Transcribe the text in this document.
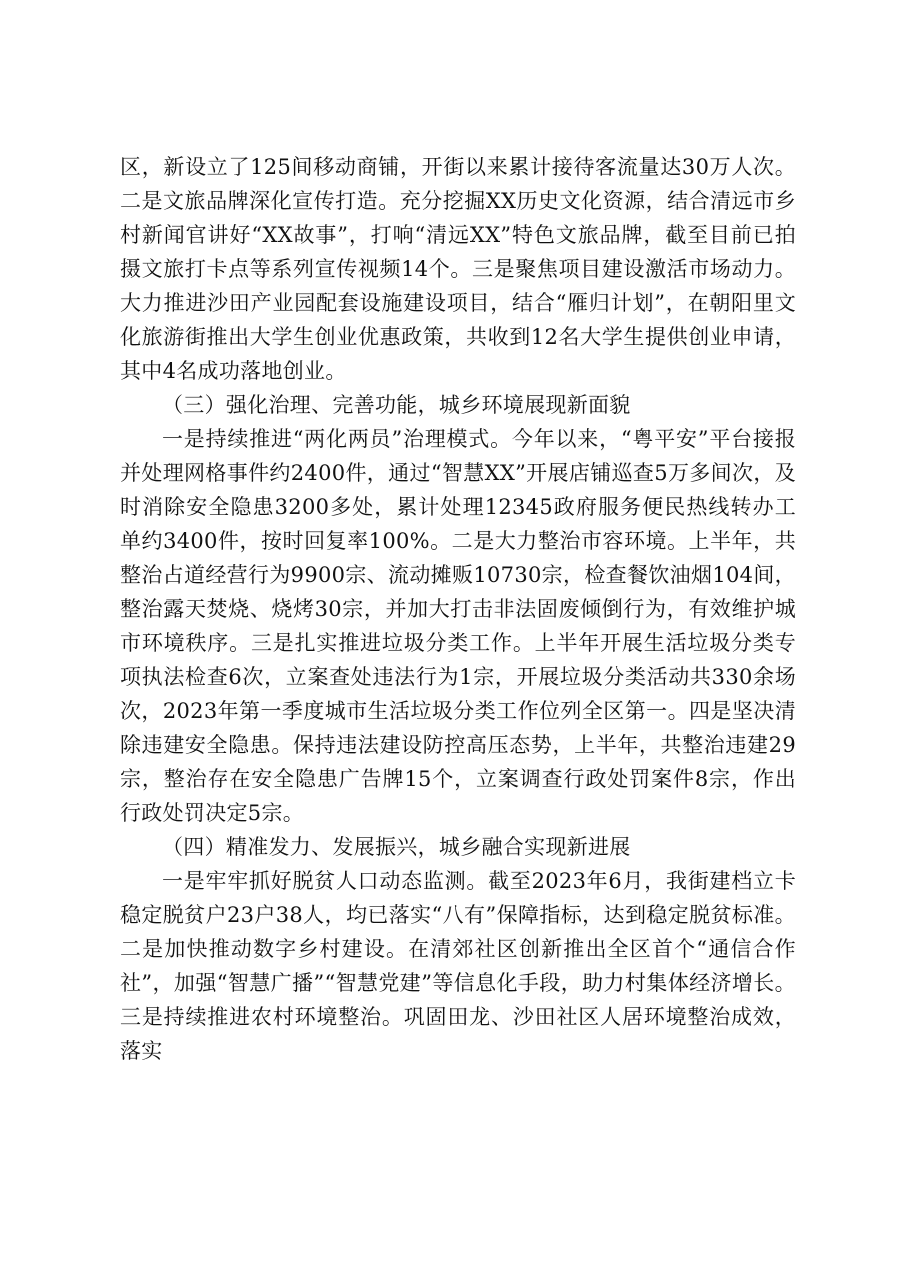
区，新设立了125间移动商铺，开街以来累计接待客流量达30万人次。二是文旅品牌深化宣传打造。充分挖掘XX历史文化资源，结合清远市乡村新闻官讲好“XX故事”，打响“清远XX”特色文旅品牌，截至目前已拍摄文旅打卡点等系列宣传视频14个。三是聚焦项目建设激活市场动力。大力推进沙田产业园配套设施建设项目，结合“雁归计划”，在朝阳里文化旅游街推出大学生创业优惠政策，共收到12名大学生提供创业申请，其中4名成功落地创业。

（三）强化治理、完善功能，城乡环境展现新面貌

一是持续推进“两化两员”治理模式。今年以来，“粤平安”平台接报并处理网格事件约2400件，通过“智慧XX”开展店铺巡查5万多间次，及时消除安全隐患3200多处，累计处理12345政府服务便民热线转办工单约3400件，按时回复率100%。二是大力整治市容环境。上半年，共整治占道经营行为9900宗、流动摊贩10730宗，检查餐饮油烟104间，整治露天焚烧、烧烤30宗，并加大打击非法固废倾倒行为，有效维护城市环境秩序。三是扎实推进垃圾分类工作。上半年开展生活垃圾分类专项执法检查6次，立案查处违法行为1宗，开展垃圾分类活动共330余场次，2023年第一季度城市生活垃圾分类工作位列全区第一。四是坚决清除违建安全隐患。保持违法建设防控高压态势，上半年，共整治违建29宗，整治存在安全隐患广告牌15个，立案调查行政处罚案件8宗，作出行政处罚决定5宗。

（四）精准发力、发展振兴，城乡融合实现新进展

一是牢牢抓好脱贫人口动态监测。截至2023年6月，我街建档立卡稳定脱贫户23户38人，均已落实“八有”保障指标，达到稳定脱贫标准。二是加快推动数字乡村建设。在清郊社区创新推出全区首个“通信合作社”，加强“智慧广播”“智慧党建”等信息化手段，助力村集体经济增长。三是持续推进农村环境整治。巩固田龙、沙田社区人居环境整治成效，落实
